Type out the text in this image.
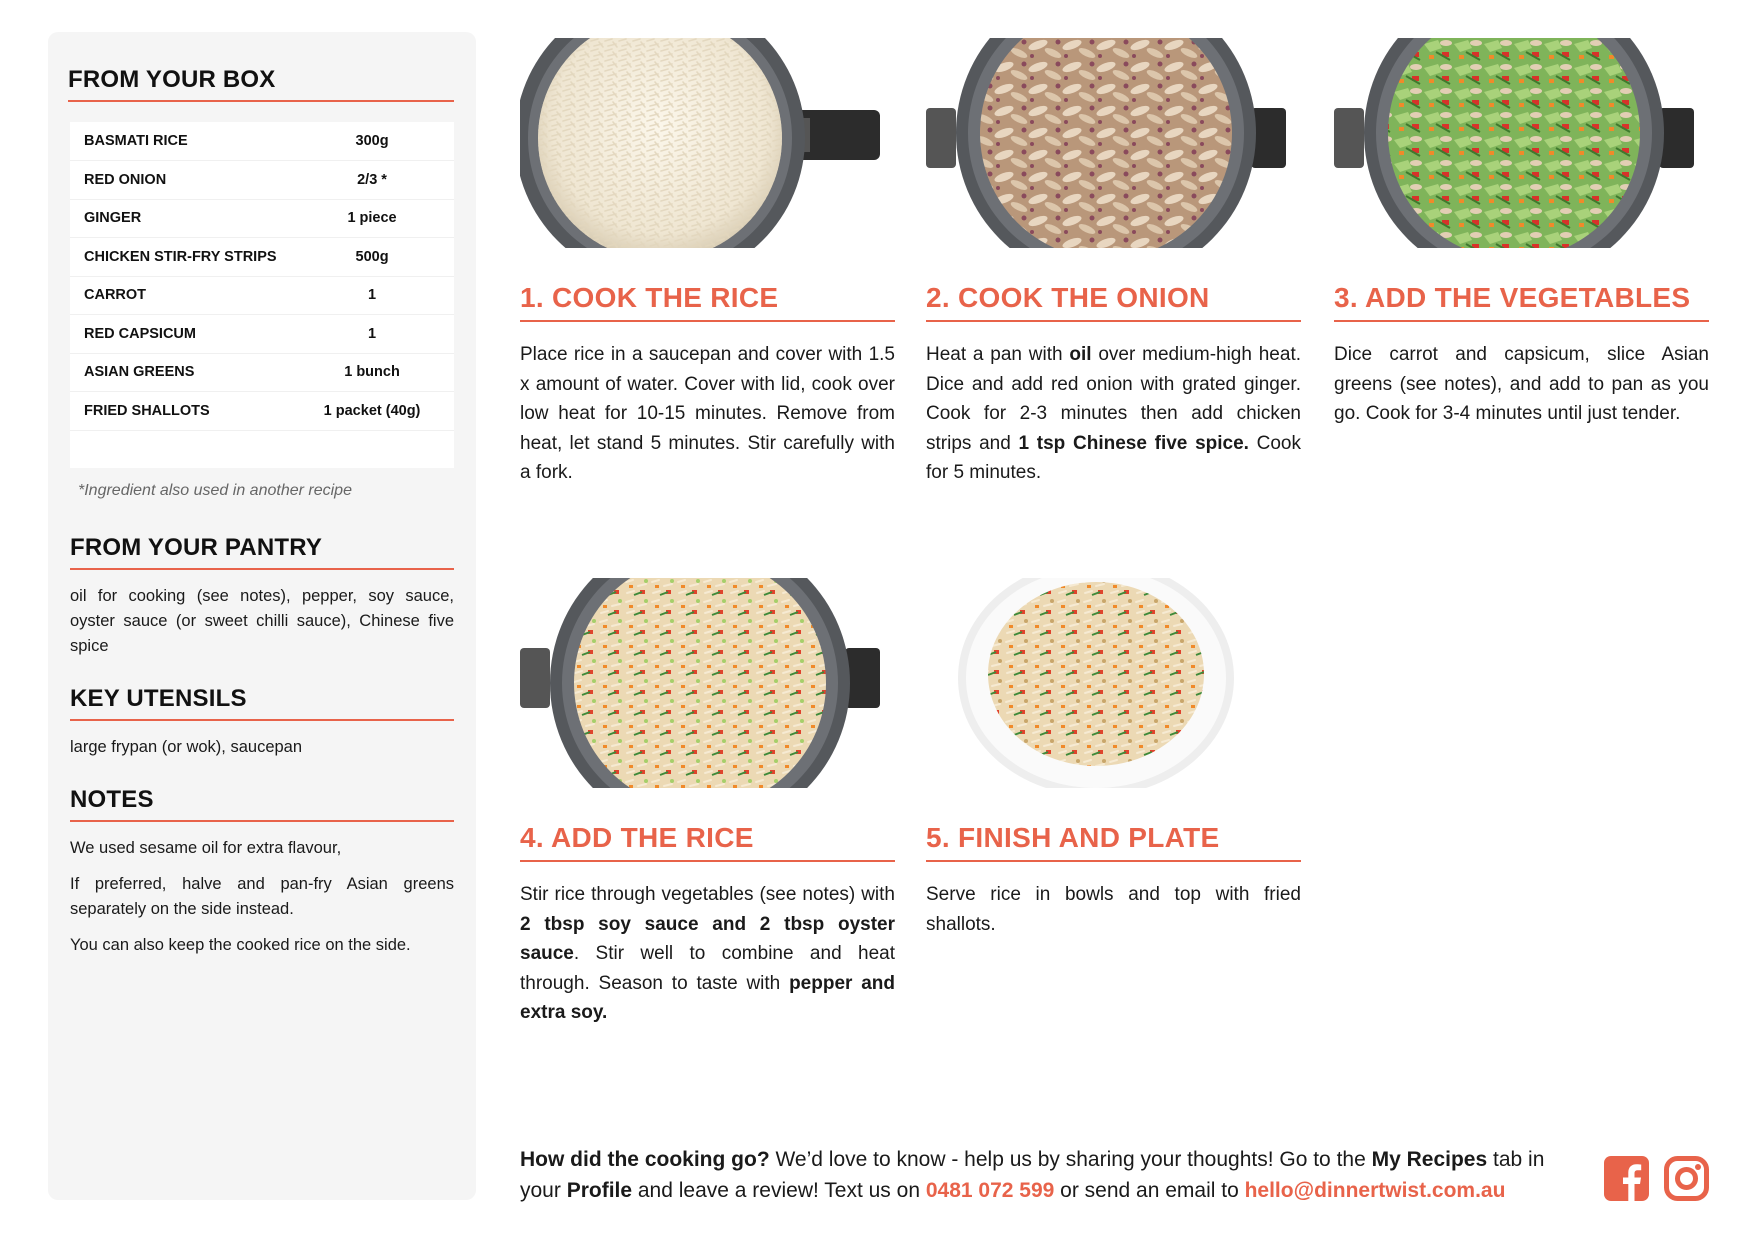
FROM YOUR BOX
BASMATI RICE	300g
RED ONION	2/3 *
GINGER	1 piece
CHICKEN STIR-FRY STRIPS	500g
CARROT	1
RED CAPSICUM	1
ASIAN GREENS	1 bunch
FRIED SHALLOTS	1 packet (40g)

*Ingredient also used in another recipe
FROM YOUR PANTRY
oil for cooking (see notes), pepper, soy sauce, oyster sauce (or sweet chilli sauce), Chinese five spice
KEY UTENSILS
large frypan (or wok), saucepan
NOTES

We used sesame oil for extra flavour,

If preferred, halve and pan-fry Asian greens separately on the side instead.

You can also keep the cooked rice on the side.

1. COOK THE RICE
Place rice in a saucepan and cover with 1.5 x amount of water. Cover with lid, cook over low heat for 10-15 minutes. Remove from heat, let stand 5 minutes. Stir carefully with a fork.
2. COOK THE ONION
Heat a pan with oil over medium-high heat. Dice and add red onion with grated ginger. Cook for 2-3 minutes then add chicken strips and 1 tsp Chinese five spice. Cook for 5 minutes.
3. ADD THE VEGETABLES
Dice carrot and capsicum, slice Asian greens (see notes), and add to pan as you go. Cook for 3-4 minutes until just tender.
4. ADD THE RICE
Stir rice through vegetables (see notes) with 2 tbsp soy sauce and 2 tbsp oyster sauce. Stir well to combine and heat through. Season to taste with pepper and extra soy.
5. FINISH AND PLATE
Serve rice in bowls and top with fried shallots.
How did the cooking go? We’d love to know - help us by sharing your thoughts! Go to the My Recipes tab in your Profile and leave a review! Text us on 0481 072 599 or send an email to hello@dinnertwist.com.au
